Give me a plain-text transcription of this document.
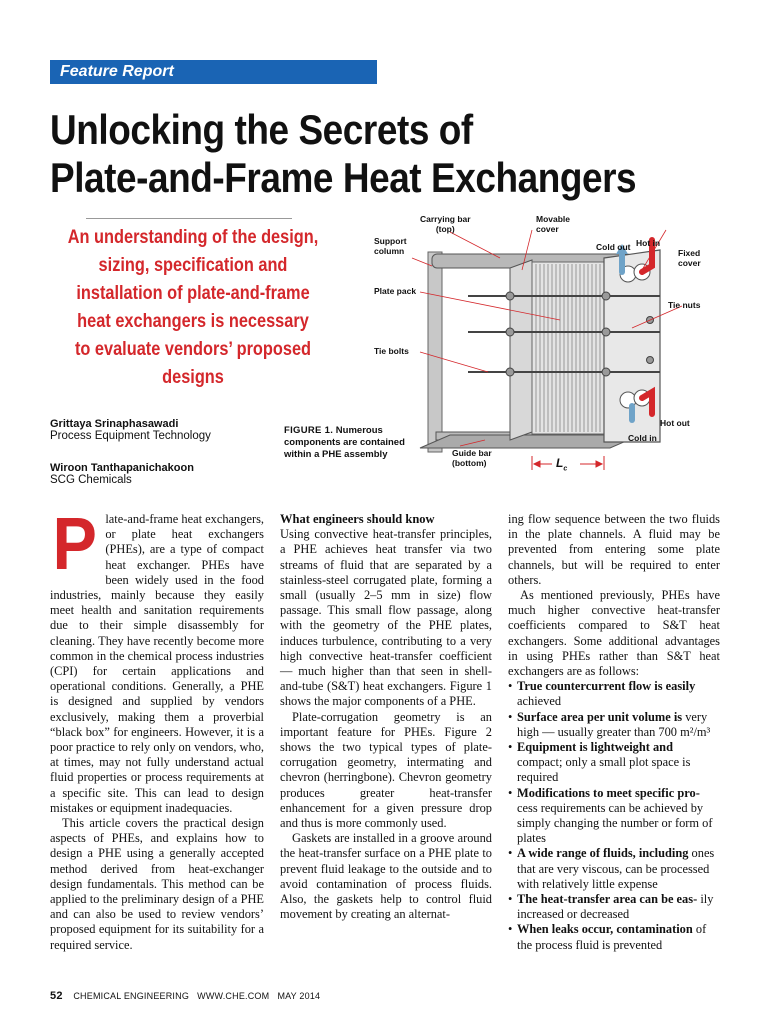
Feature Report
Unlocking the Secrets of
Plate-and-Frame Heat Exchangers
An understanding of the design,
sizing, specification and
installation of plate-and-frame
heat exchangers is necessary
to evaluate vendors’ proposed
designs
Grittaya Srinaphasawadi
Process Equipment Technology
Wiroon Tanthapanichakoon
SCG Chemicals
FIGURE 1. Numerous components are contained within a PHE assembly
Carrying bar
(top)
Movable
cover
Support
column	Cold out Hot in
Fixed
cover
Plate pack
Tie nuts
Tie bolts
Hot out
Cold in
Guide bar
(bottom)	$L_c$
P late-and-frame heat exchangers, or plate heat exchangers (PHEs), are a type of compact heat exchanger. PHEs have been widely used in the food industries, mainly because they easily meet health and sanitation requirements due to their simple disassembly for cleaning. They have recently become more common in the chemical process industries (CPI) for certain applications and operational conditions. Generally, a PHE is designed and supplied by vendors exclusively, making them a proverbial “black box” for engineers. However, it is a poor practice to rely only on vendors, who, at times, may not fully understand actual fluid properties or process requirements at a specific site. This can lead to design mistakes or equipment inadequacies.

This article covers the practical design aspects of PHEs, and explains how to design a PHE using a generally accepted method derived from heat-exchanger design fundamentals. This method can be applied to the preliminary design of a PHE and can also be used to review vendors’ proposed equipment for its suitability for a required service.

What engineers should know

Using convective heat-transfer principles, a PHE achieves heat transfer via two streams of fluid that are separated by a stainless-steel corrugated plate, forming a small (usually 2–5 mm in size) flow passage. This small flow passage, along with the geometry of the PHE plates, induces turbulence, contributing to a very high convective heat-transfer coefficient — much higher than that seen in shell-and-tube (S&T) heat exchangers. Figure 1 shows the major components of a PHE.

Plate-corrugation geometry is an important feature for PHEs. Figure 2 shows the two typical types of plate-corrugation geometry, intermating and chevron (herringbone). Chevron geometry produces greater heat-transfer enhancement for a given pressure drop and thus is more commonly used.

Gaskets are installed in a groove around the heat-transfer surface on a PHE plate to prevent fluid leakage to the outside and to avoid contamination of process fluids. Also, the gaskets help to control fluid movement by creating an alternat-

ing flow sequence between the two fluids in the plate channels. A fluid may be prevented from entering some plate channels, but will be required to enter others.

As mentioned previously, PHEs have much higher convective heat-transfer coefficients compared to S&T heat exchangers. Some additional advantages in using PHEs rather than S&T heat exchangers are as follows:

• True countercurrent flow is easily achieved
• Surface area per unit volume is very high — usually greater than 700 m²/m³
• Equipment is lightweight and compact; only a small plot space is required
• Modifications to meet specific pro- cess requirements can be achieved by simply changing the number or form of plates
• A wide range of fluids, including ones that are very viscous, can be processed with relatively little expense
• The heat-transfer area can be eas- ily increased or decreased
• When leaks occur, contamination of the process fluid is prevented
52 CHEMICAL ENGINEERING WWW.CHE.COM MAY 2014
